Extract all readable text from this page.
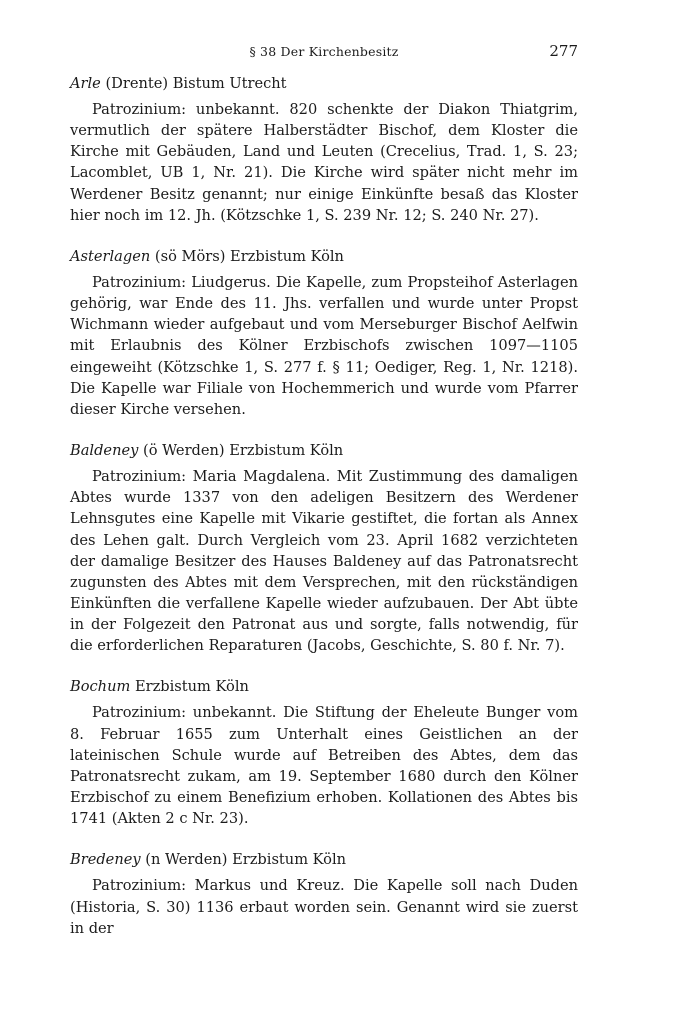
§ 38 Der Kirchenbesitz	277

Arle (Drente) Bistum Utrecht

Patrozinium: unbekannt. 820 schenkte der Diakon Thiatgrim, vermutlich der spätere Halberstädter Bischof, dem Kloster die Kirche mit Gebäuden, Land und Leuten (Crecelius, Trad. 1, S. 23; Lacomblet, UB 1, Nr. 21). Die Kirche wird später nicht mehr im Werdener Besitz genannt; nur einige Einkünfte besaß das Kloster hier noch im 12. Jh. (Kötzschke 1, S. 239 Nr. 12; S. 240 Nr. 27).

Asterlagen (sö Mörs) Erzbistum Köln

Patrozinium: Liudgerus. Die Kapelle, zum Propsteihof Asterlagen gehörig, war Ende des 11. Jhs. verfallen und wurde unter Propst Wichmann wieder aufgebaut und vom Merseburger Bischof Aelfwin mit Erlaubnis des Kölner Erzbischofs zwischen 1097—1105 eingeweiht (Kötzschke 1, S. 277 f. § 11; Oediger, Reg. 1, Nr. 1218). Die Kapelle war Filiale von Hochemmerich und wurde vom Pfarrer dieser Kirche versehen.

Baldeney (ö Werden) Erzbistum Köln

Patrozinium: Maria Magdalena. Mit Zustimmung des damaligen Abtes wurde 1337 von den adeligen Besitzern des Werdener Lehnsgutes eine Kapelle mit Vikarie gestiftet, die fortan als Annex des Lehen galt. Durch Vergleich vom 23. April 1682 verzichteten der damalige Besitzer des Hauses Baldeney auf das Patronatsrecht zugunsten des Abtes mit dem Versprechen, mit den rückständigen Einkünften die verfallene Kapelle wieder aufzubauen. Der Abt übte in der Folgezeit den Patronat aus und sorgte, falls notwendig, für die erforderlichen Reparaturen (Jacobs, Geschichte, S. 80 f. Nr. 7).

Bochum Erzbistum Köln

Patrozinium: unbekannt. Die Stiftung der Eheleute Bunger vom 8. Februar 1655 zum Unterhalt eines Geistlichen an der lateinischen Schule wurde auf Betreiben des Abtes, dem das Patronatsrecht zukam, am 19. September 1680 durch den Kölner Erzbischof zu einem Benefizium erhoben. Kollationen des Abtes bis 1741 (Akten 2 c Nr. 23).

Bredeney (n Werden) Erzbistum Köln

Patrozinium: Markus und Kreuz. Die Kapelle soll nach Duden (Historia, S. 30) 1136 erbaut worden sein. Genannt wird sie zuerst in der
